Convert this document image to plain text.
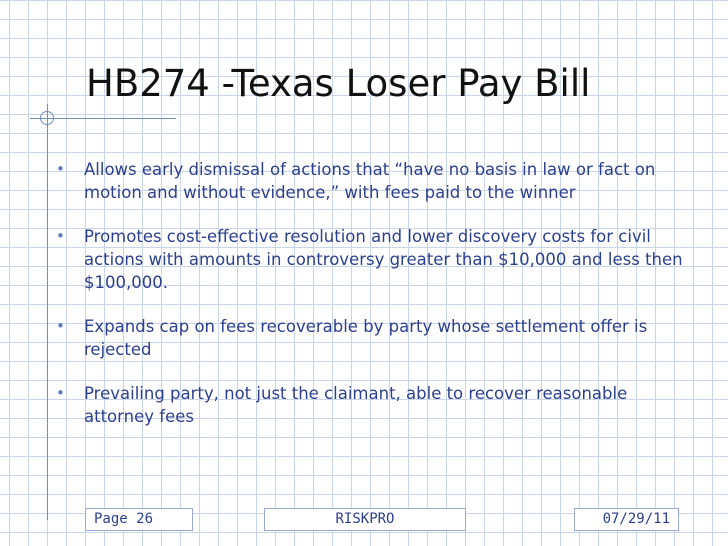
HB274 -Texas Loser Pay Bill
• Allows early dismissal of actions that “have no basis in law or fact on motion and without evidence,” with fees paid to the winner
• Promotes cost-effective resolution and lower discovery costs for civil actions with amounts in controversy greater than $10,000 and less then $100,000.
• Expands cap on fees recoverable by party whose settlement offer is rejected
• Prevailing party, not just the claimant, able to recover reasonable attorney fees
Page 26	RISKPRO	07/29/11
